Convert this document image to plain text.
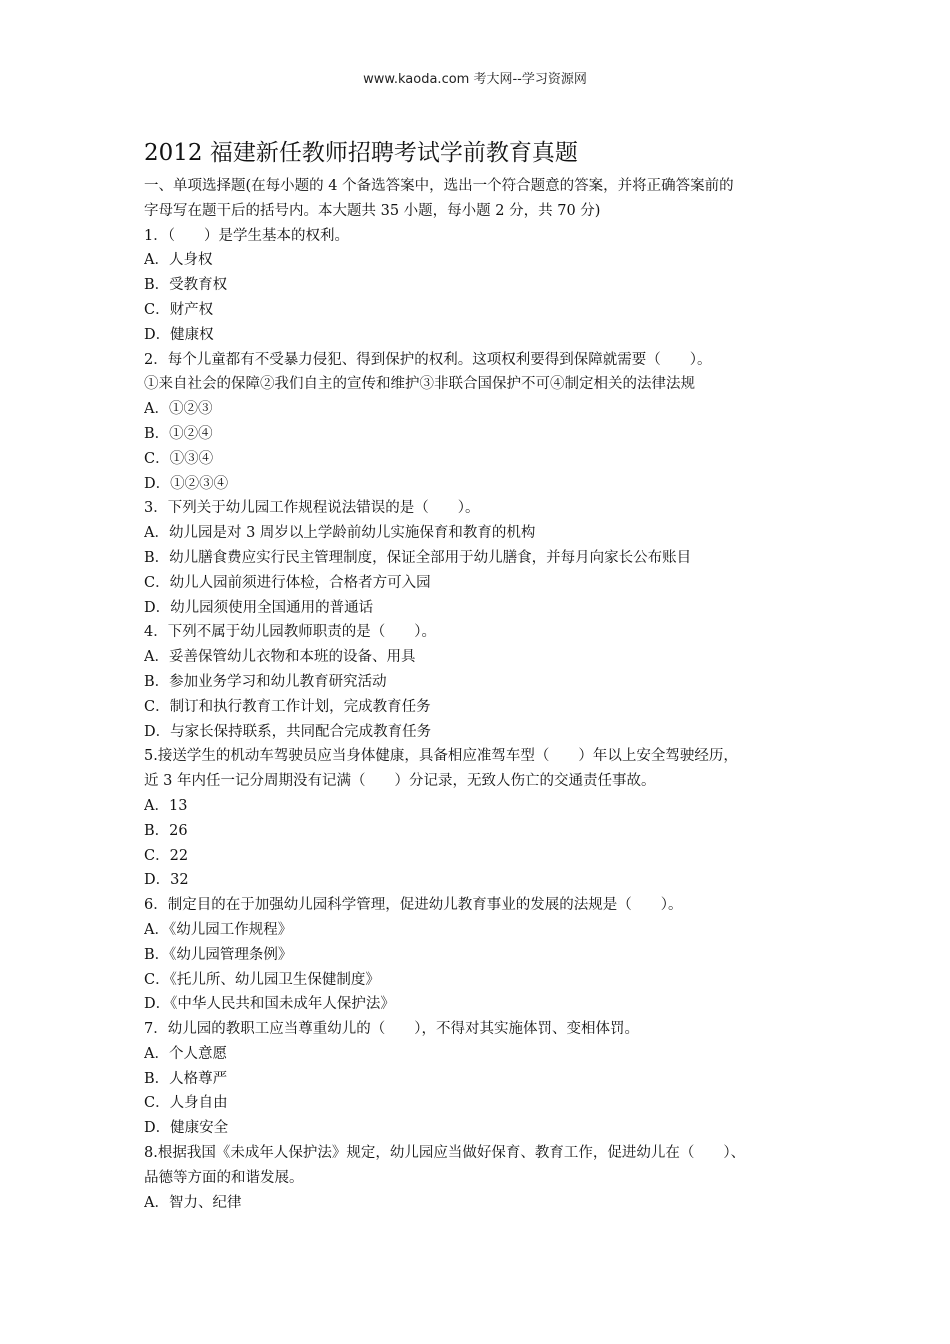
www.kaoda.com 考大网--学习资源网
2012 福建新任教师招聘考试学前教育真题
一、单项选择题(在每小题的 4 个备选答案中，选出一个符合题意的答案，并将正确答案前的
字母写在题干后的括号内。本大题共 35 小题，每小题 2 分，共 70 分)
1．（　　）是学生基本的权利。
A．人身权
B．受教育权
C．财产权
D．健康权
2．每个儿童都有不受暴力侵犯、得到保护的权利。这项权利要得到保障就需要（　　）。
①来自社会的保障②我们自主的宣传和维护③非联合国保护不可④制定相关的法律法规
A．①②③
B．①②④
C．①③④
D．①②③④
3．下列关于幼儿园工作规程说法错误的是（　　）。
A．幼儿园是对 3 周岁以上学龄前幼儿实施保育和教育的机构
B．幼儿膳食费应实行民主管理制度，保证全部用于幼儿膳食，并每月向家长公布账目
C．幼儿人园前须进行体检，合格者方可入园
D．幼儿园须使用全国通用的普通话
4．下列不属于幼儿园教师职责的是（　　）。
A．妥善保管幼儿衣物和本班的设备、用具
B．参加业务学习和幼儿教育研究活动
C．制订和执行教育工作计划，完成教育任务
D．与家长保持联系，共同配合完成教育任务
5.接送学生的机动车驾驶员应当身体健康，具备相应准驾车型（　　）年以上安全驾驶经历，
近 3 年内任一记分周期没有记满（　　）分记录，无致人伤亡的交通责任事故。
A．13
B．26
C．22
D．32
6．制定目的在于加强幼儿园科学管理，促进幼儿教育事业的发展的法规是（　　）。
A．《幼儿园工作规程》
B．《幼儿园管理条例》
C．《托儿所、幼儿园卫生保健制度》
D．《中华人民共和国未成年人保护法》
7．幼儿园的教职工应当尊重幼儿的（　　），不得对其实施体罚、变相体罚。
A．个人意愿
B．人格尊严
C．人身自由
D．健康安全
8.根据我国《未成年人保护法》规定，幼儿园应当做好保育、教育工作，促进幼儿在（　　）、
品德等方面的和谐发展。
A．智力、纪律
